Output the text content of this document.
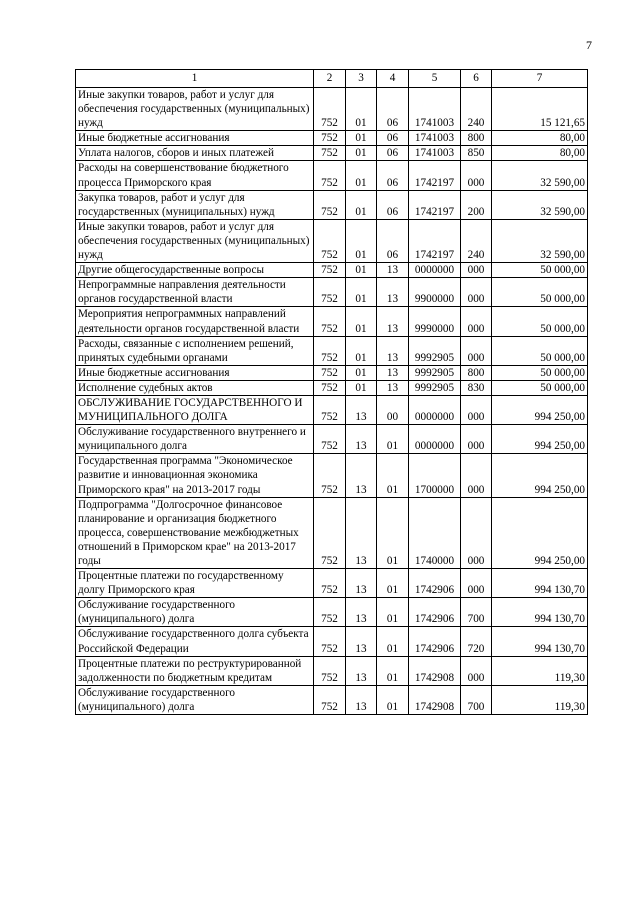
7
1	2	3	4	5	6	7
Иные закупки товаров, работ и услуг для обеспечения государственных (муниципальных) нужд	752	01	06	1741003	240	15 121,65
Иные бюджетные ассигнования	752	01	06	1741003	800	80,00
Уплата налогов, сборов и иных платежей	752	01	06	1741003	850	80,00
Расходы на совершенствование бюджетного процесса Приморского края	752	01	06	1742197	000	32 590,00
Закупка товаров, работ и услуг для государственных (муниципальных) нужд	752	01	06	1742197	200	32 590,00
Иные закупки товаров, работ и услуг для обеспечения государственных (муниципальных) нужд	752	01	06	1742197	240	32 590,00
Другие общегосударственные вопросы	752	01	13	0000000	000	50 000,00
Непрограммные направления деятельности органов государственной власти	752	01	13	9900000	000	50 000,00
Мероприятия непрограммных направлений деятельности органов государственной власти	752	01	13	9990000	000	50 000,00
Расходы, связанные с исполнением решений, принятых судебными органами	752	01	13	9992905	000	50 000,00
Иные бюджетные ассигнования	752	01	13	9992905	800	50 000,00
Исполнение судебных актов	752	01	13	9992905	830	50 000,00
ОБСЛУЖИВАНИЕ ГОСУДАРСТВЕННОГО И МУНИЦИПАЛЬНОГО ДОЛГА	752	13	00	0000000	000	994 250,00
Обслуживание государственного внутреннего и муниципального долга	752	13	01	0000000	000	994 250,00
Государственная программа "Экономическое развитие и инновационная экономика Приморского края" на 2013-2017 годы	752	13	01	1700000	000	994 250,00
Подпрограмма "Долгосрочное финансовое планирование и организация бюджетного процесса, совершенствование межбюджетных отношений в Приморском крае" на 2013-2017 годы	752	13	01	1740000	000	994 250,00
Процентные платежи по государственному долгу Приморского края	752	13	01	1742906	000	994 130,70
Обслуживание государственного (муниципального) долга	752	13	01	1742906	700	994 130,70
Обслуживание государственного долга субъекта Российской Федерации	752	13	01	1742906	720	994 130,70
Процентные платежи по реструктурированной задолженности по бюджетным кредитам	752	13	01	1742908	000	119,30
Обслуживание государственного (муниципального) долга	752	13	01	1742908	700	119,30
